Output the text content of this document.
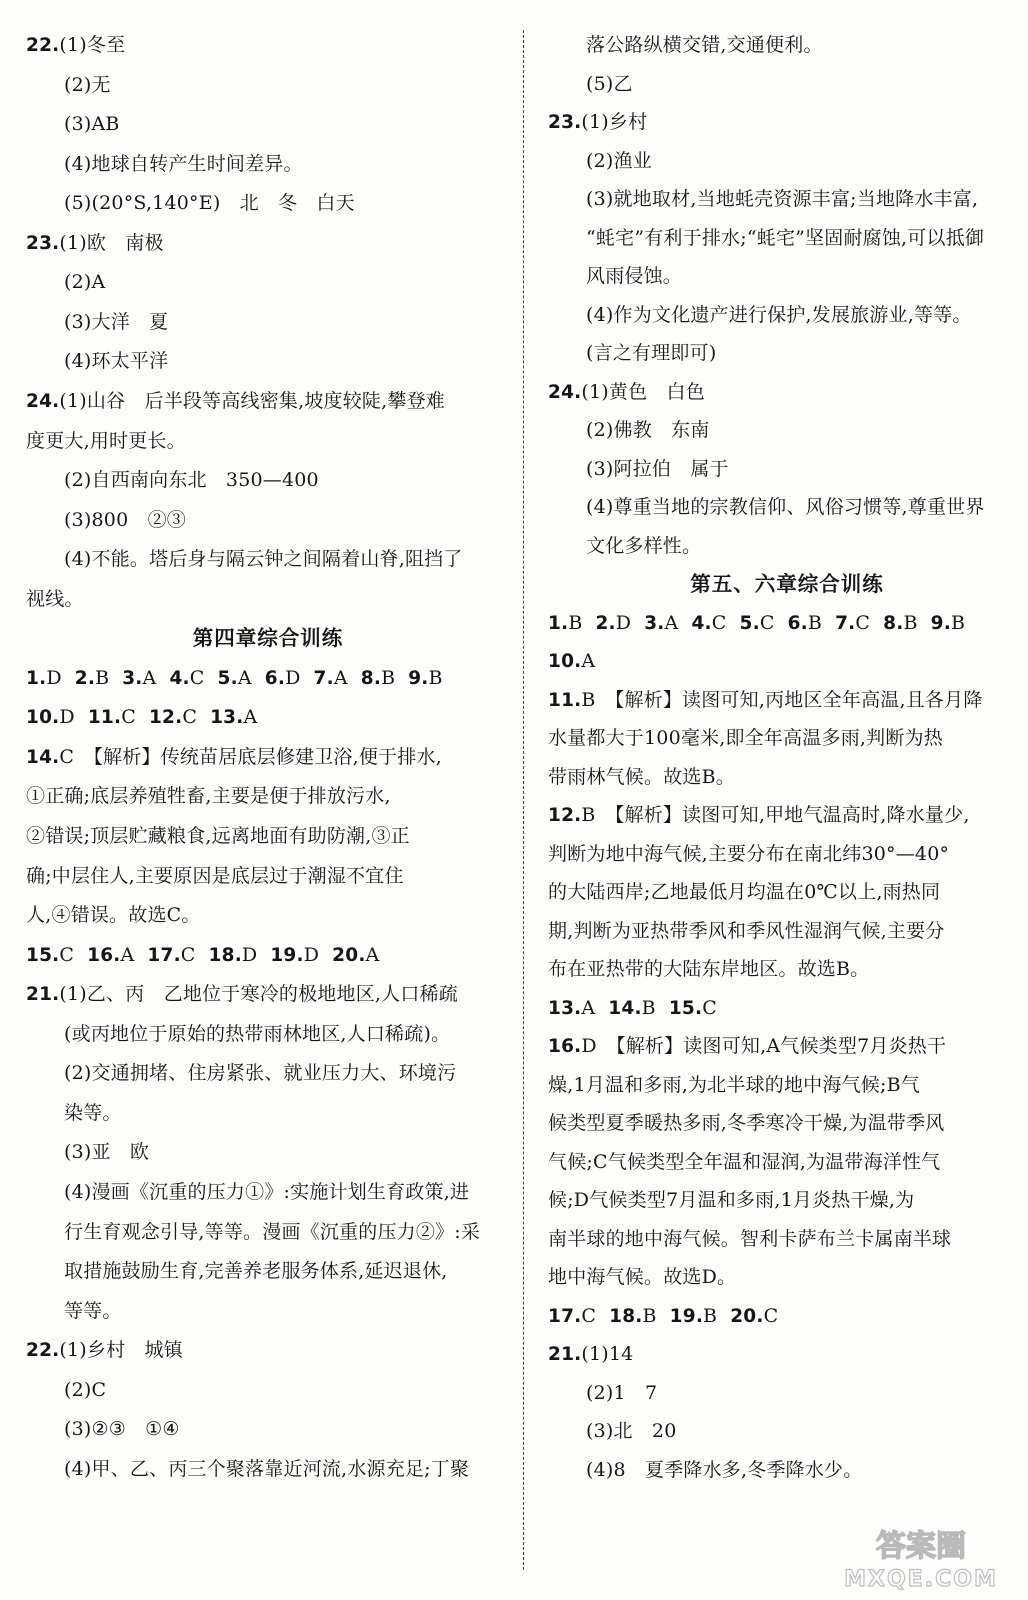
22.(1)冬至
(2)无
(3)AB
(4)地球自转产生时间差异。
(5)(20°S,140°E)　北　冬　白天
23.(1)欧　南极
(2)A
(3)大洋　夏
(4)环太平洋
24.(1)山谷　后半段等高线密集,坡度较陡,攀登难
度更大,用时更长。
(2)自西南向东北　350—400
(3)800　②③
(4)不能。塔后身与隔云钟之间隔着山脊,阻挡了
视线。
第四章综合训练
1.D 2.B 3.A 4.C 5.A 6.D 7.A 8.B 9.B
10.D 11.C 12.C 13.A
14.C　【解析】传统苗居底层修建卫浴,便于排水,
①正确;底层养殖牲畜,主要是便于排放污水,
②错误;顶层贮藏粮食,远离地面有助防潮,③正
确;中层住人,主要原因是底层过于潮湿不宜住
人,④错误。故选C。
15.C 16.A 17.C 18.D 19.D 20.A
21.(1)乙、丙　乙地位于寒冷的极地地区,人口稀疏
(或丙地位于原始的热带雨林地区,人口稀疏)。
(2)交通拥堵、住房紧张、就业压力大、环境污
染等。
(3)亚　欧
(4)漫画《沉重的压力①》:实施计划生育政策,进
行生育观念引导,等等。漫画《沉重的压力②》:采
取措施鼓励生育,完善养老服务体系,延迟退休,
等等。
22.(1)乡村　城镇
(2)C
(3)②③　①④
(4)甲、乙、丙三个聚落靠近河流,水源充足;丁聚
落公路纵横交错,交通便利。
(5)乙
23.(1)乡村
(2)渔业
(3)就地取材,当地蚝壳资源丰富;当地降水丰富,
“蚝宅”有利于排水;“蚝宅”坚固耐腐蚀,可以抵御
风雨侵蚀。
(4)作为文化遗产进行保护,发展旅游业,等等。
(言之有理即可)
24.(1)黄色　白色
(2)佛教　东南
(3)阿拉伯　属于
(4)尊重当地的宗教信仰、风俗习惯等,尊重世界
文化多样性。
第五、六章综合训练
1.B 2.D 3.A 4.C 5.C 6.B 7.C 8.B 9.B
10.A
11.B　【解析】读图可知,丙地区全年高温,且各月降
水量都大于100毫米,即全年高温多雨,判断为热
带雨林气候。故选B。
12.B　【解析】读图可知,甲地气温高时,降水量少,
判断为地中海气候,主要分布在南北纬30°—40°
的大陆西岸;乙地最低月均温在0℃以上,雨热同
期,判断为亚热带季风和季风性湿润气候,主要分
布在亚热带的大陆东岸地区。故选B。
13.A 14.B 15.C
16.D　【解析】读图可知,A气候类型7月炎热干
燥,1月温和多雨,为北半球的地中海气候;B气
候类型夏季暖热多雨,冬季寒冷干燥,为温带季风
气候;C气候类型全年温和湿润,为温带海洋性气
候;D气候类型7月温和多雨,1月炎热干燥,为
南半球的地中海气候。智利卡萨布兰卡属南半球
地中海气候。故选D。
17.C 18.B 19.B 20.C
21.(1)14
(2)1　7
(3)北　20
(4)8　夏季降水多,冬季降水少。
答案圈
MXQE.COM
